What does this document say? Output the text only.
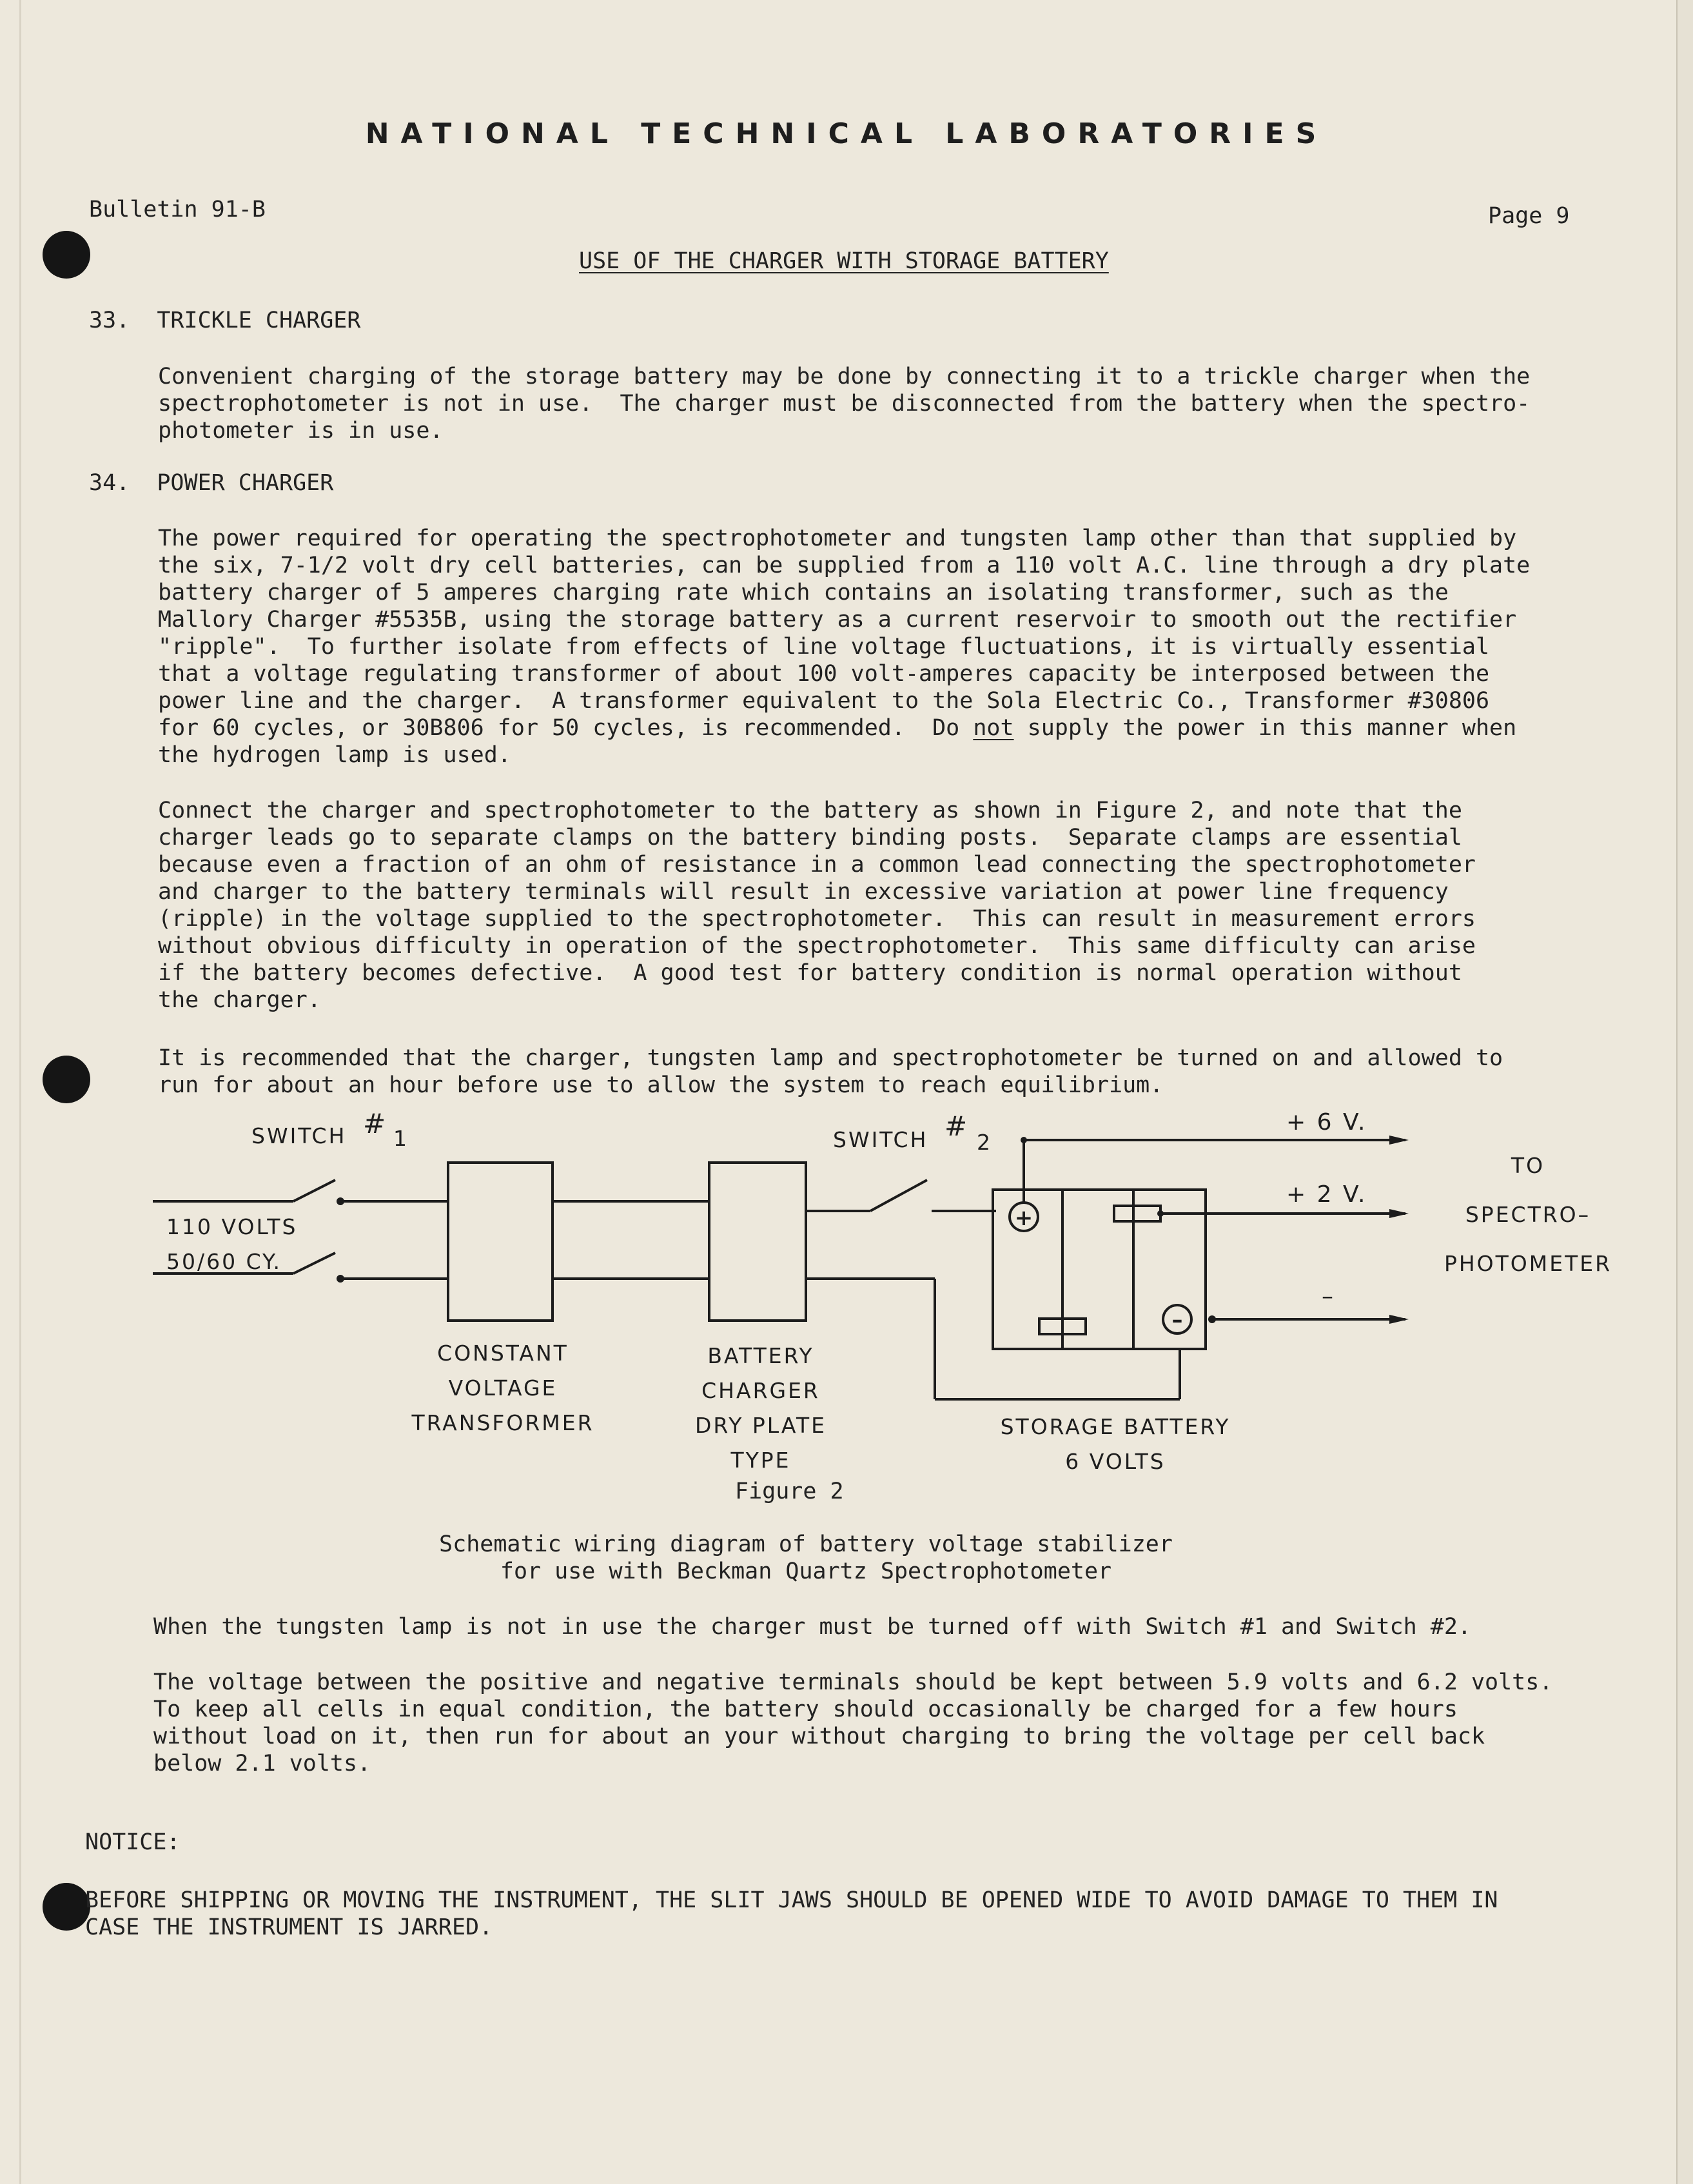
NATIONAL TECHNICAL LABORATORIES
Bulletin 91-B	Page 9
USE OF THE CHARGER WITH STORAGE BATTERY
33.  TRICKLE CHARGER
Convenient charging of the storage battery may be done by connecting it to a trickle charger when the
spectrophotometer is not in use.  The charger must be disconnected from the battery when the spectro-
photometer is in use.
34.  POWER CHARGER
The power required for operating the spectrophotometer and tungsten lamp other than that supplied by
the six, 7-1/2 volt dry cell batteries, can be supplied from a 110 volt A.C. line through a dry plate
battery charger of 5 amperes charging rate which contains an isolating transformer, such as the
Mallory Charger #5535B, using the storage battery as a current reservoir to smooth out the rectifier
"ripple".  To further isolate from effects of line voltage fluctuations, it is virtually essential
that a voltage regulating transformer of about 100 volt-amperes capacity be interposed between the
power line and the charger.  A transformer equivalent to the Sola Electric Co., Transformer #30806
for 60 cycles, or 30B806 for 50 cycles, is recommended.  Do not supply the power in this manner when
the hydrogen lamp is used.
Connect the charger and spectrophotometer to the battery as shown in Figure 2, and note that the
charger leads go to separate clamps on the battery binding posts.  Separate clamps are essential
because even a fraction of an ohm of resistance in a common lead connecting the spectrophotometer
and charger to the battery terminals will result in excessive variation at power line frequency
(ripple) in the voltage supplied to the spectrophotometer.  This can result in measurement errors
without obvious difficulty in operation of the spectrophotometer.  This same difficulty can arise
if the battery becomes defective.  A good test for battery condition is normal operation without
the charger.
It is recommended that the charger, tungsten lamp and spectrophotometer be turned on and allowed to
run for about an hour before use to allow the system to reach equilibrium.
+
–
SWITCH # 1	SWITCH #
2
110 VOLTS
50/60 CY.
CONSTANT
VOLTAGE
TRANSFORMER
BATTERY
CHARGER
DRY PLATE
TYPE
STORAGE BATTERY
6 VOLTS
+ 6 V.
+ 2 V.
–
TO
SPECTRO–
PHOTOMETER
Figure 2
Schematic wiring diagram of battery voltage stabilizer
for use with Beckman Quartz Spectrophotometer
When the tungsten lamp is not in use the charger must be turned off with Switch #1 and Switch #2.
The voltage between the positive and negative terminals should be kept between 5.9 volts and 6.2 volts.
To keep all cells in equal condition, the battery should occasionally be charged for a few hours
without load on it, then run for about an your without charging to bring the voltage per cell back
below 2.1 volts.
NOTICE:
BEFORE SHIPPING OR MOVING THE INSTRUMENT, THE SLIT JAWS SHOULD BE OPENED WIDE TO AVOID DAMAGE TO THEM IN
CASE THE INSTRUMENT IS JARRED.
